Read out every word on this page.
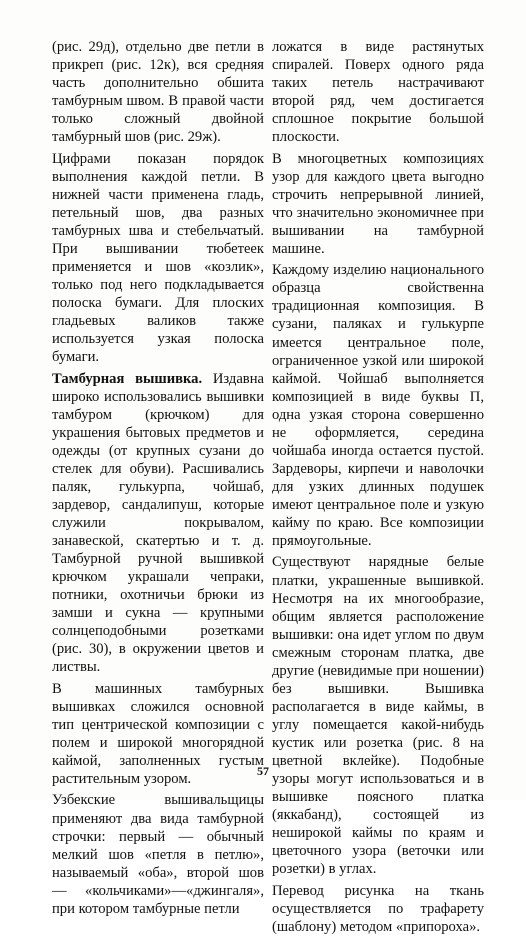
(рис. 29д), отдельно две петли в прикреп (рис. 12к), вся средняя часть дополнительно обшита тамбурным швом. В правой части только сложный двойной тамбурный шов (рис. 29ж).

Цифрами показан порядок выполнения каждой петли. В нижней части применена гладь, петельный шов, два разных тамбурных шва и стебельчатый. При вышивании тюбетеек применяется и шов «козлик», только под него подкладывается полоска бумаги. Для плоских гладьевых валиков также используется узкая полоска бумаги.

Тамбурная вышивка. Издавна широко использовались вышивки тамбуром (крючком) для украшения бытовых предметов и одежды (от крупных сузани до стелек для обуви). Расшивались паляк, гулькурпа, чойшаб, зардевор, сандалипуш, которые служили покрывалом, занавеской, скатертью и т. д. Тамбурной ручной вышивкой крючком украшали чепраки, потники, охотничьи брюки из замши и сукна — крупными солнцеподобными розетками (рис. 30), в окружении цветов и листвы.

В машинных тамбурных вышивках сложился основной тип центрической композиции с полем и широкой многорядной каймой, заполненных густым растительным узором.

Узбекские вышивальщицы применяют два вида тамбурной строчки: первый — обычный мелкий шов «петля в петлю», называемый «оба», второй шов — «кольчиками»—«джингаля», при котором тамбурные петли

ложатся в виде растянутых спиралей. Поверх одного ряда таких петель настрачивают второй ряд, чем достигается сплошное покрытие большой плоскости.

В многоцветных композициях узор для каждого цвета выгодно строчить непрерывной линией, что значительно экономичнее при вышивании на тамбурной машине.

Каждому изделию национального образца свойственна традиционная композиция. В сузани, паляках и гулькурпе имеется центральное поле, ограниченное узкой или широкой каймой. Чойшаб выполняется композицией в виде буквы П, одна узкая сторона совершенно не оформляется, середина чойшаба иногда остается пустой. Зардеворы, кирпечи и наволочки для узких длинных подушек имеют центральное поле и узкую кайму по краю. Все композиции прямоугольные.

Существуют нарядные белые платки, украшенные вышивкой. Несмотря на их многообразие, общим является расположение вышивки: она идет углом по двум смежным сторонам платка, две другие (невидимые при ношении) без вышивки. Вышивка располагается в виде каймы, в углу помещается какой-нибудь кустик или розетка (рис. 8 на цветной вклейке). Подобные узоры могут использоваться и в вышивке поясного платка (яккабанд), состоящей из неширокой каймы по краям и цветочного узора (веточки или розетки) в углах.

Перевод рисунка на ткань осуществляется по трафарету (шаблону) методом «припороха».

57
